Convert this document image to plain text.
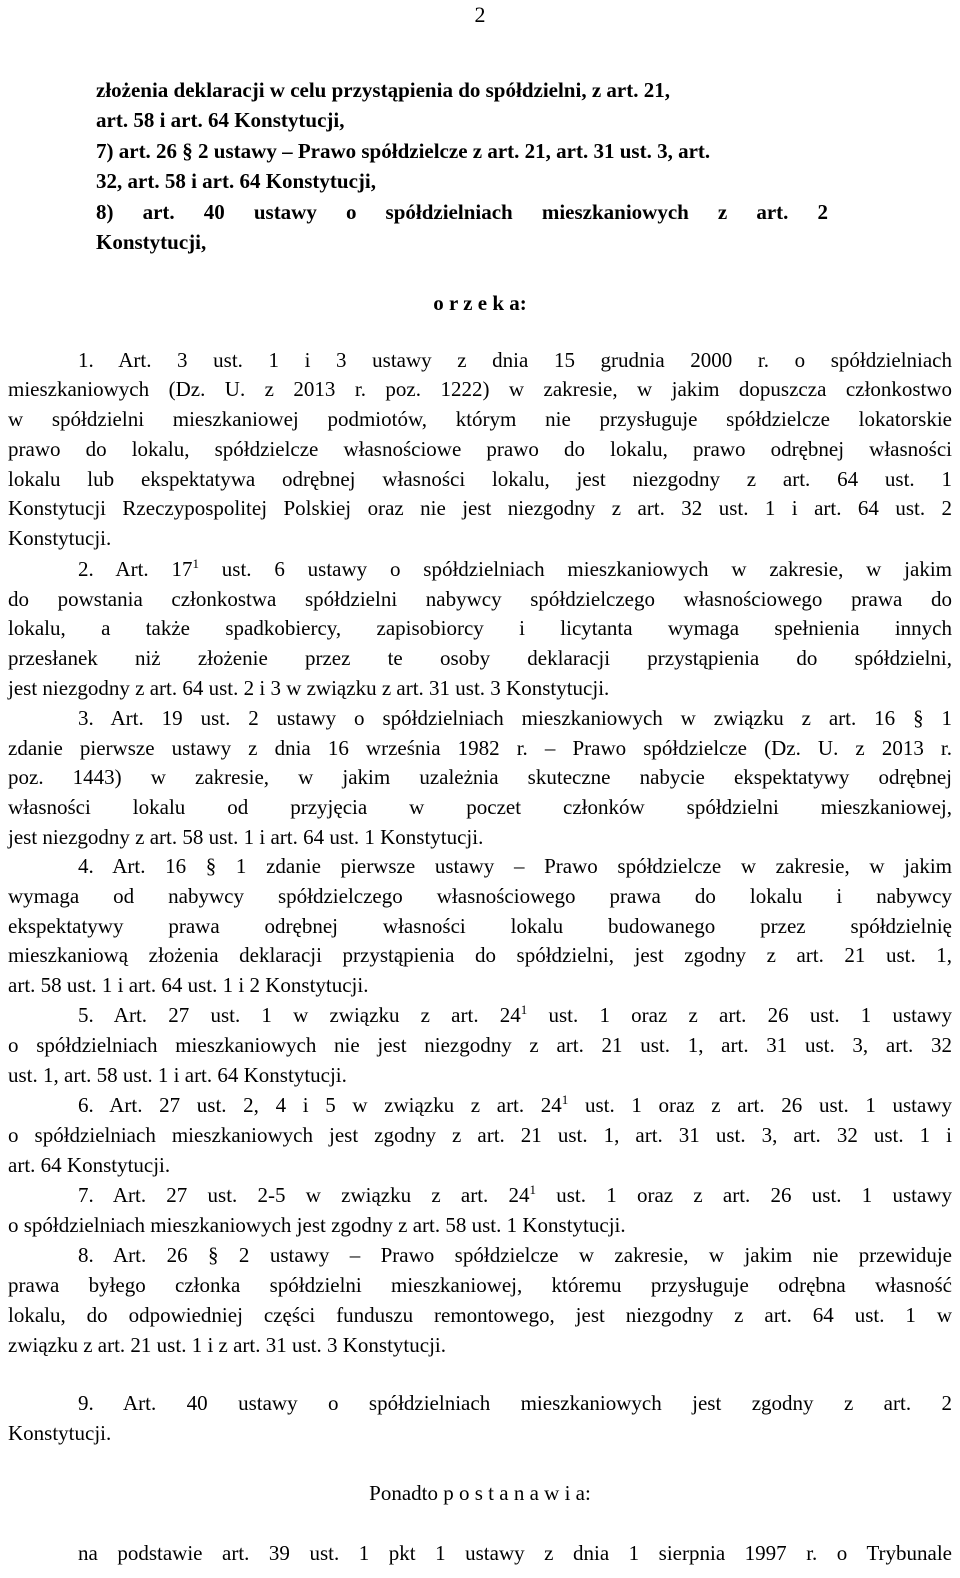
2
złożenia deklaracji w celu przystąpienia do spółdzielni, z art. 21,
art. 58 i art. 64 Konstytucji,
7) art. 26 § 2 ustawy – Prawo spółdzielcze z art. 21, art. 31 ust. 3, art.
32, art. 58 i art. 64 Konstytucji,
8) art. 40 ustawy o spółdzielniach mieszkaniowych z art. 2
Konstytucji,
o r z e k a:
1. Art. 3 ust. 1 i 3 ustawy z dnia 15 grudnia 2000 r. o spółdzielniach
mieszkaniowych (Dz. U. z 2013 r. poz. 1222) w zakresie, w jakim dopuszcza członkostwo
w spółdzielni mieszkaniowej podmiotów, którym nie przysługuje spółdzielcze lokatorskie
prawo do lokalu, spółdzielcze własnościowe prawo do lokalu, prawo odrębnej własności
lokalu lub ekspektatywa odrębnej własności lokalu, jest niezgodny z art. 64 ust. 1
Konstytucji Rzeczypospolitej Polskiej oraz nie jest niezgodny z art. 32 ust. 1 i art. 64 ust. 2
Konstytucji.
2. Art. $17^1$ ust. 6 ustawy o spółdzielniach mieszkaniowych w zakresie, w jakim
do powstania członkostwa spółdzielni nabywcy spółdzielczego własnościowego prawa do
lokalu, a także spadkobiercy, zapisobiorcy i licytanta wymaga spełnienia innych
przesłanek niż złożenie przez te osoby deklaracji przystąpienia do spółdzielni,
jest niezgodny z art. 64 ust. 2 i 3 w związku z art. 31 ust. 3 Konstytucji.
3. Art. 19 ust. 2 ustawy o spółdzielniach mieszkaniowych w związku z art. 16 § 1
zdanie pierwsze ustawy z dnia 16 września 1982 r. – Prawo spółdzielcze (Dz. U. z 2013 r.
poz. 1443) w zakresie, w jakim uzależnia skuteczne nabycie ekspektatywy odrębnej
własności lokalu od przyjęcia w poczet członków spółdzielni mieszkaniowej,
jest niezgodny z art. 58 ust. 1 i art. 64 ust. 1 Konstytucji.
4. Art. 16 § 1 zdanie pierwsze ustawy – Prawo spółdzielcze w zakresie, w jakim
wymaga od nabywcy spółdzielczego własnościowego prawa do lokalu i nabywcy
ekspektatywy prawa odrębnej własności lokalu budowanego przez spółdzielnię
mieszkaniową złożenia deklaracji przystąpienia do spółdzielni, jest zgodny z art. 21 ust. 1,
art. 58 ust. 1 i art. 64 ust. 1 i 2 Konstytucji.
5. Art. 27 ust. 1 w związku z art. $24^1$ ust. 1 oraz z art. 26 ust. 1 ustawy
o spółdzielniach mieszkaniowych nie jest niezgodny z art. 21 ust. 1, art. 31 ust. 3, art. 32
ust. 1, art. 58 ust. 1 i art. 64 Konstytucji.
6. Art. 27 ust. 2, 4 i 5 w związku z art. $24^1$ ust. 1 oraz z art. 26 ust. 1 ustawy
o spółdzielniach mieszkaniowych jest zgodny z art. 21 ust. 1, art. 31 ust. 3, art. 32 ust. 1 i
art. 64 Konstytucji.
7. Art. 27 ust. 2-5 w związku z art. $24^1$ ust. 1 oraz z art. 26 ust. 1 ustawy
o spółdzielniach mieszkaniowych jest zgodny z art. 58 ust. 1 Konstytucji.
8. Art. 26 § 2 ustawy – Prawo spółdzielcze w zakresie, w jakim nie przewiduje
prawa byłego członka spółdzielni mieszkaniowej, któremu przysługuje odrębna własność
lokalu, do odpowiedniej części funduszu remontowego, jest niezgodny z art. 64 ust. 1 w
związku z art. 21 ust. 1 i z art. 31 ust. 3 Konstytucji.
9. Art. 40 ustawy o spółdzielniach mieszkaniowych jest zgodny z art. 2
Konstytucji.
Ponadto p o s t a n a w i a:
na podstawie art. 39 ust. 1 pkt 1 ustawy z dnia 1 sierpnia 1997 r. o Trybunale
